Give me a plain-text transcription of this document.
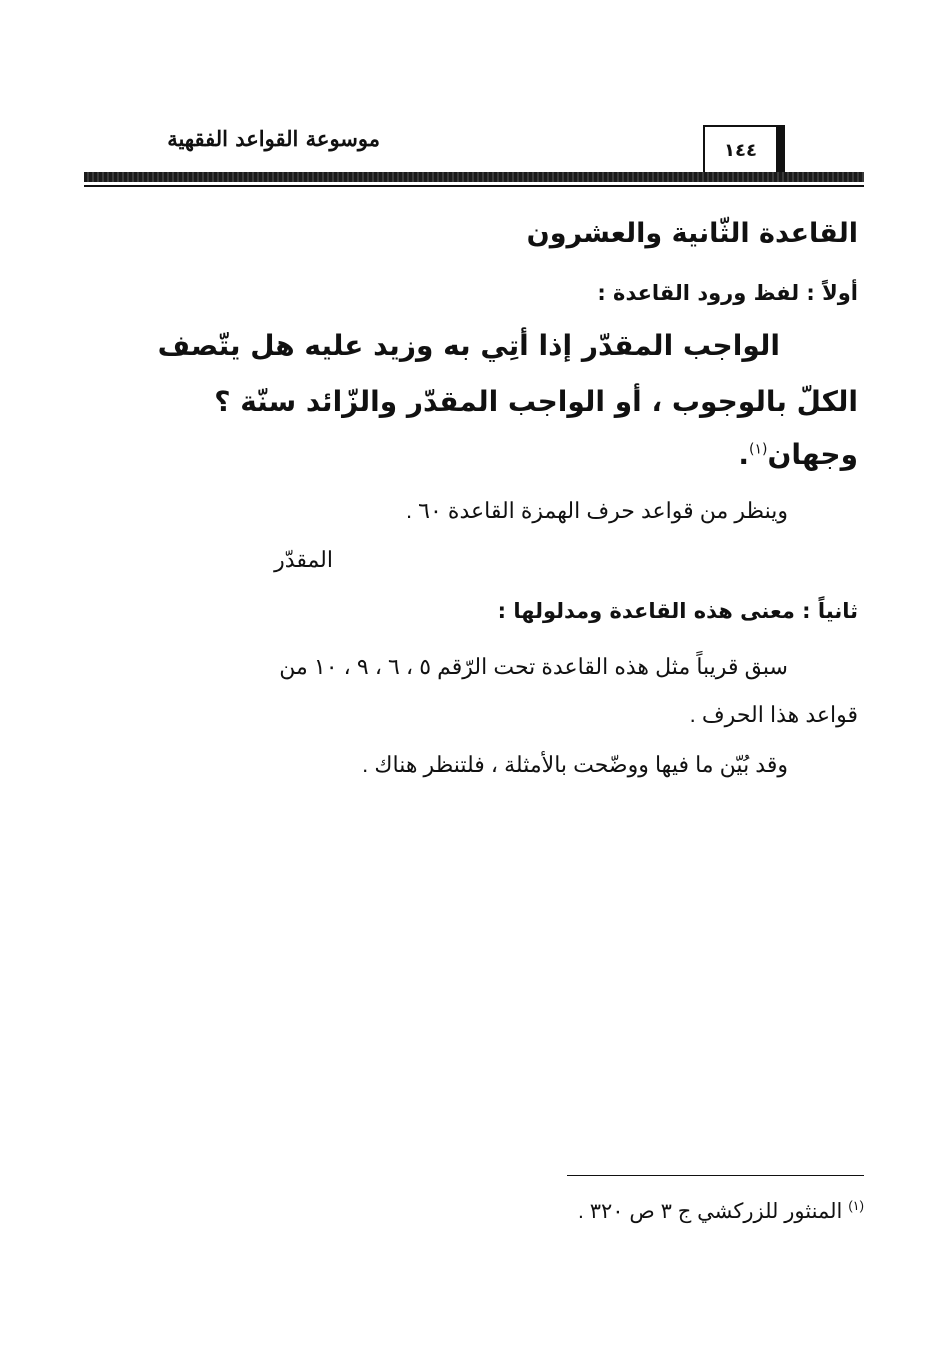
موسوعة القواعد الفقهية	١٤٤
القاعدة الثّانية والعشرون
أولاً : لفظ ورود القاعدة :
الواجب المقدّر إذا أتِي به وزيد عليه هل يتّصف
الكلّ بالوجوب ، أو الواجب المقدّر والزّائد سنّة ؟
وجهان$^{(١)}$.
وينظر من قواعد حرف الهمزة القاعدة ٦٠ .
المقدّر
ثانياً : معنى هذه القاعدة ومدلولها :
سبق قريباً مثل هذه القاعدة تحت الرّقم ٥ ، ٦ ، ٩ ، ١٠ من
قواعد هذا الحرف .
وقد بُيّن ما فيها ووضّحت بالأمثلة ، فلتنظر هناك .
$^{(١)}$المنثور للزركشي ج ٣ ص ٣٢٠ .
